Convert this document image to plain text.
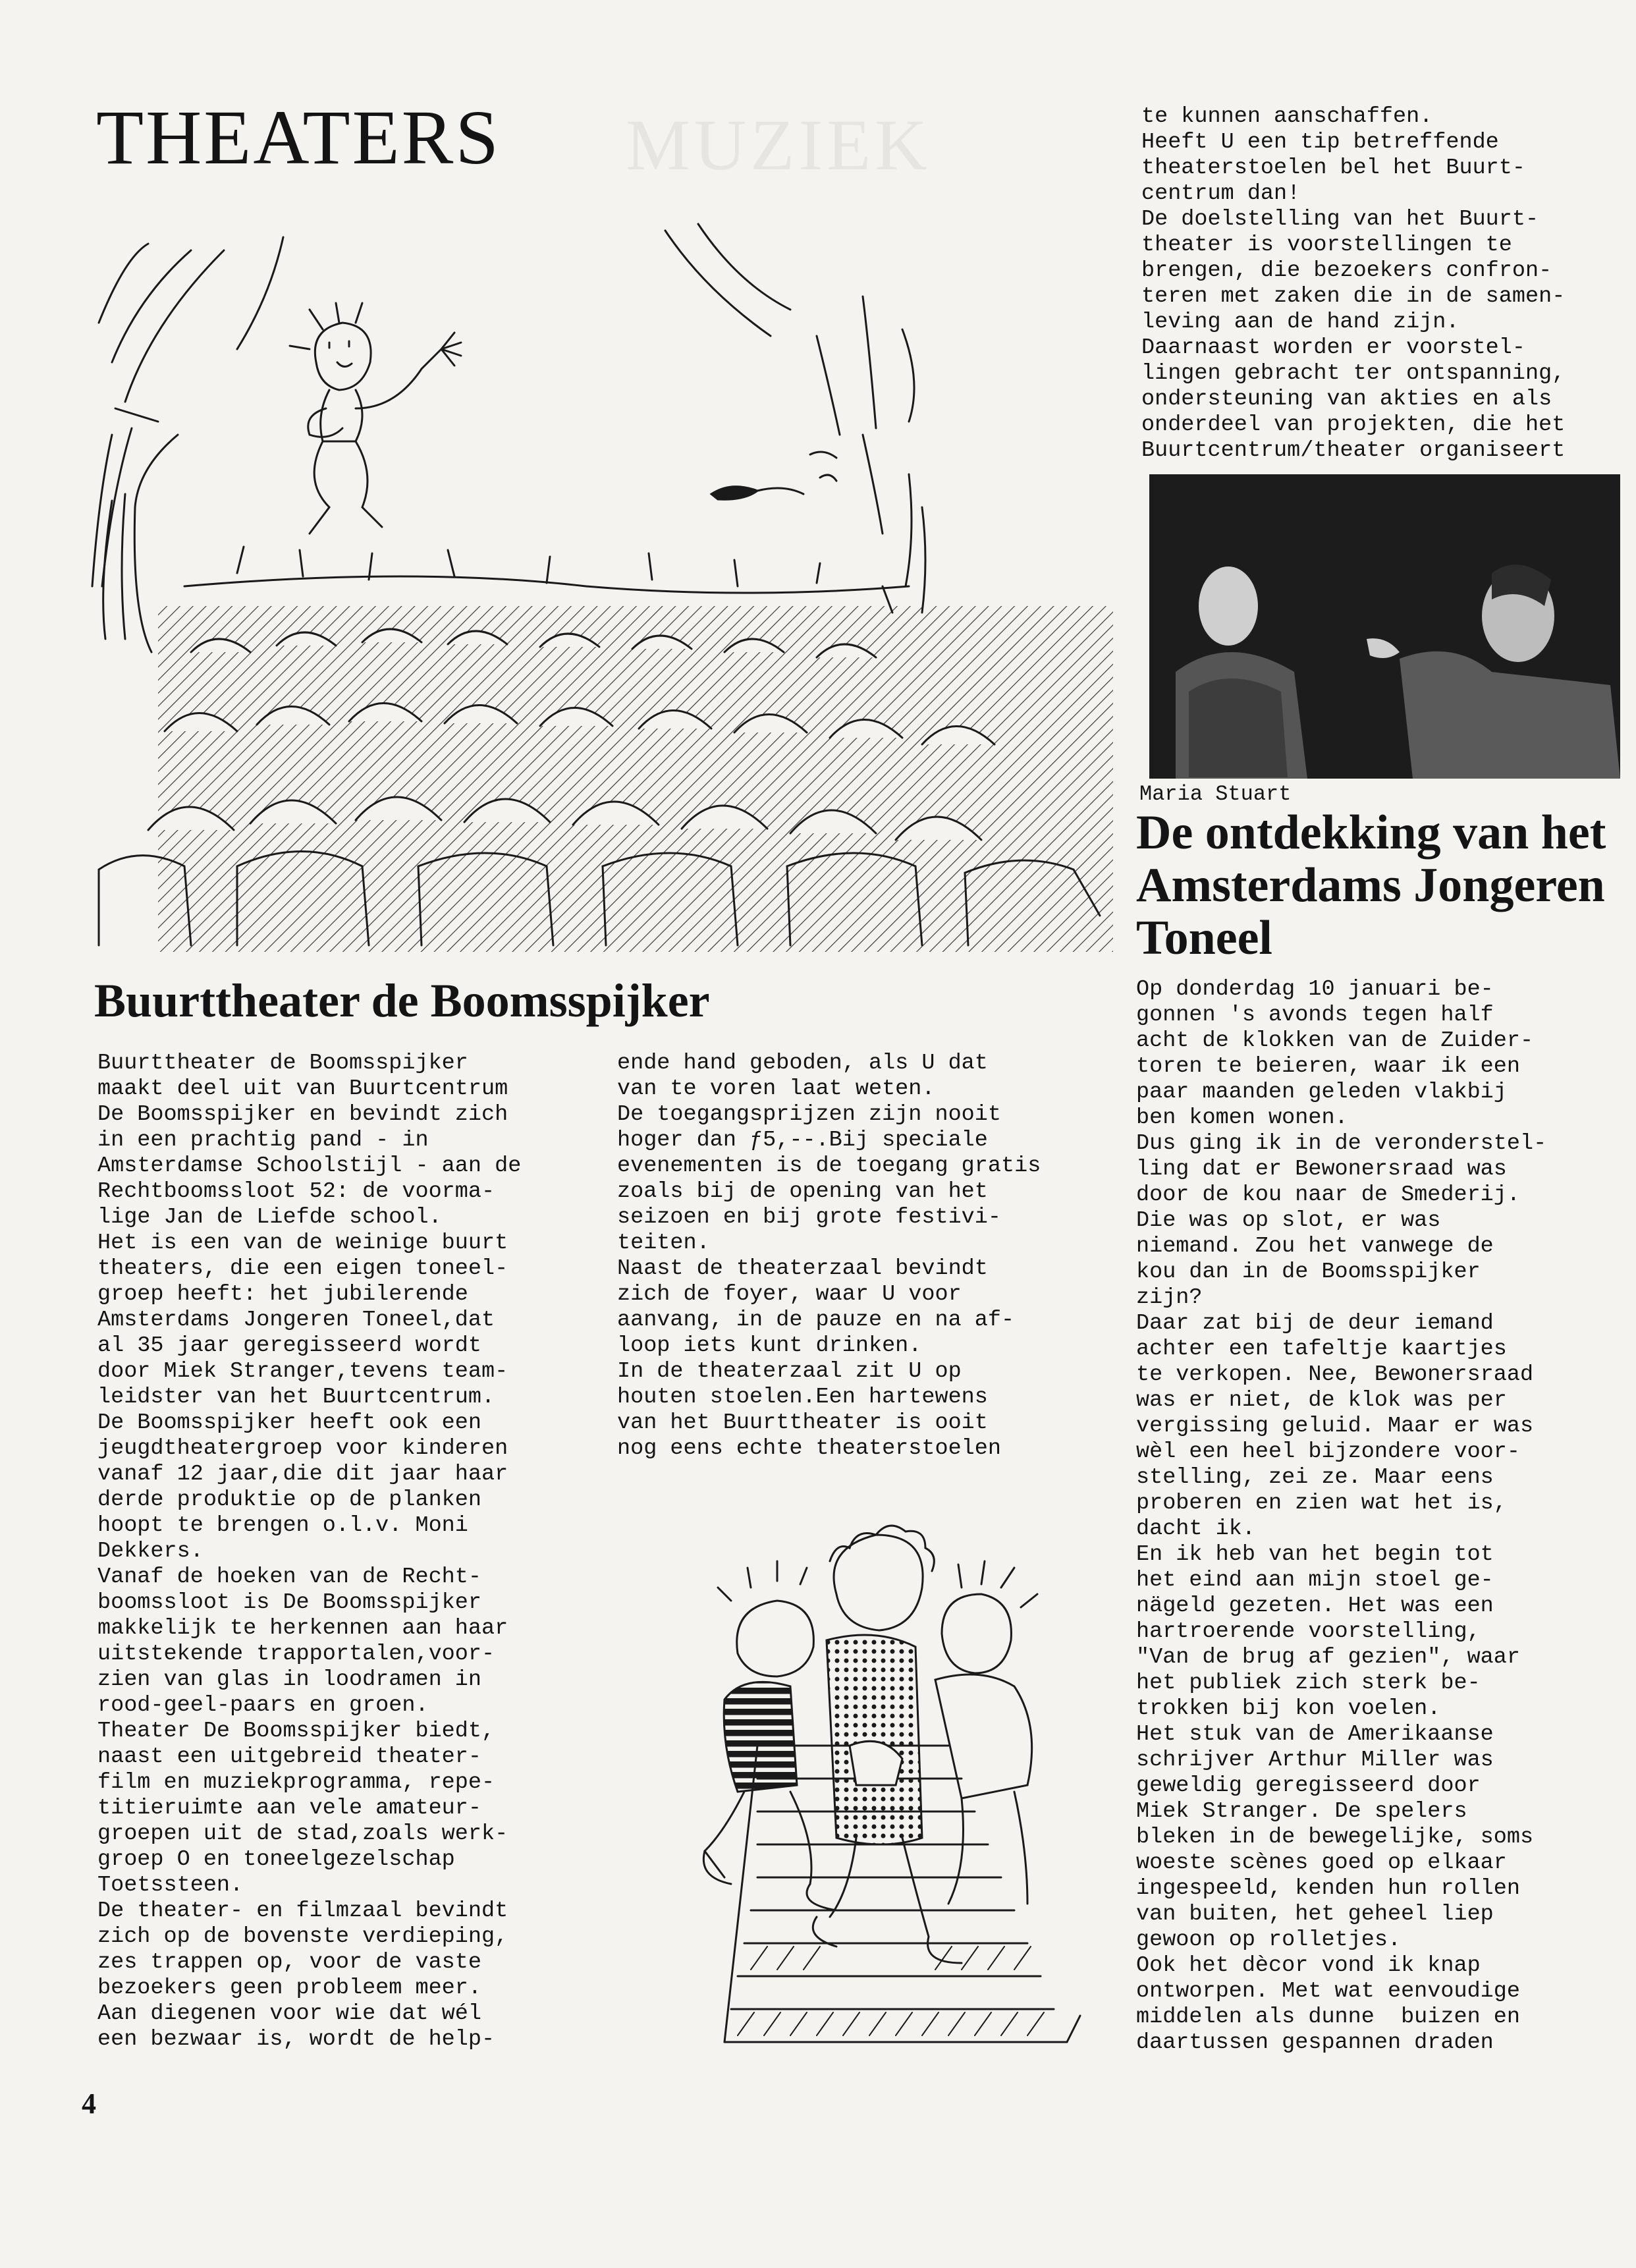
THEATERS MUZIEK
Buurttheater de Boomsspijker
Buurttheater de Boomsspijker
maakt deel uit van Buurtcentrum
De Boomsspijker en bevindt zich
in een prachtig pand - in
Amsterdamse Schoolstijl - aan de
Rechtboomssloot 52: de voorma-
lige Jan de Liefde school.
Het is een van de weinige buurt
theaters, die een eigen toneel-
groep heeft: het jubilerende
Amsterdams Jongeren Toneel,dat
al 35 jaar geregisseerd wordt
door Miek Stranger,tevens team-
leidster van het Buurtcentrum.
De Boomsspijker heeft ook een
jeugdtheatergroep voor kinderen
vanaf 12 jaar,die dit jaar haar
derde produktie op de planken
hoopt te brengen o.l.v. Moni
Dekkers.
Vanaf de hoeken van de Recht-
boomssloot is De Boomsspijker
makkelijk te herkennen aan haar
uitstekende trapportalen,voor-
zien van glas in loodramen in
rood-geel-paars en groen.
Theater De Boomsspijker biedt,
naast een uitgebreid theater-
film en muziekprogramma, repe-
titieruimte aan vele amateur-
groepen uit de stad,zoals werk-
groep O en toneelgezelschap
Toetssteen.
De theater- en filmzaal bevindt
zich op de bovenste verdieping,
zes trappen op, voor de vaste
bezoekers geen probleem meer.
Aan diegenen voor wie dat wél
een bezwaar is, wordt de help-
ende hand geboden, als U dat
van te voren laat weten.
De toegangsprijzen zijn nooit
hoger dan ƒ5,--.Bij speciale
evenementen is de toegang gratis
zoals bij de opening van het
seizoen en bij grote festivi-
teiten.
Naast de theaterzaal bevindt
zich de foyer, waar U voor
aanvang, in de pauze en na af-
loop iets kunt drinken.
In de theaterzaal zit U op
houten stoelen.Een hartewens
van het Buurttheater is ooit
nog eens echte theaterstoelen
te kunnen aanschaffen.
Heeft U een tip betreffende
theaterstoelen bel het Buurt-
centrum dan!
De doelstelling van het Buurt-
theater is voorstellingen te
brengen, die bezoekers confron-
teren met zaken die in de samen-
leving aan de hand zijn.
Daarnaast worden er voorstel-
lingen gebracht ter ontspanning,
ondersteuning van akties en als
onderdeel van projekten, die het
Buurtcentrum/theater organiseert
Maria Stuart
De ontdekking van het Amsterdams Jongeren Toneel
Op donderdag 10 januari be-
gonnen 's avonds tegen half
acht de klokken van de Zuider-
toren te beieren, waar ik een
paar maanden geleden vlakbij
ben komen wonen.
Dus ging ik in de veronderstel-
ling dat er Bewonersraad was
door de kou naar de Smederij.
Die was op slot, er was
niemand. Zou het vanwege de
kou dan in de Boomsspijker
zijn?
Daar zat bij de deur iemand
achter een tafeltje kaartjes
te verkopen. Nee, Bewonersraad
was er niet, de klok was per
vergissing geluid. Maar er was
wèl een heel bijzondere voor-
stelling, zei ze. Maar eens
proberen en zien wat het is,
dacht ik.
En ik heb van het begin tot
het eind aan mijn stoel ge-
nägeld gezeten. Het was een
hartroerende voorstelling,
"Van de brug af gezien", waar
het publiek zich sterk be-
trokken bij kon voelen.
Het stuk van de Amerikaanse
schrijver Arthur Miller was
geweldig geregisseerd door
Miek Stranger. De spelers
bleken in de bewegelijke, soms
woeste scènes goed op elkaar
ingespeeld, kenden hun rollen
van buiten, het geheel liep
gewoon op rolletjes.
Ook het dècor vond ik knap
ontworpen. Met wat eenvoudige
middelen als dunne  buizen en
daartussen gespannen draden
4
